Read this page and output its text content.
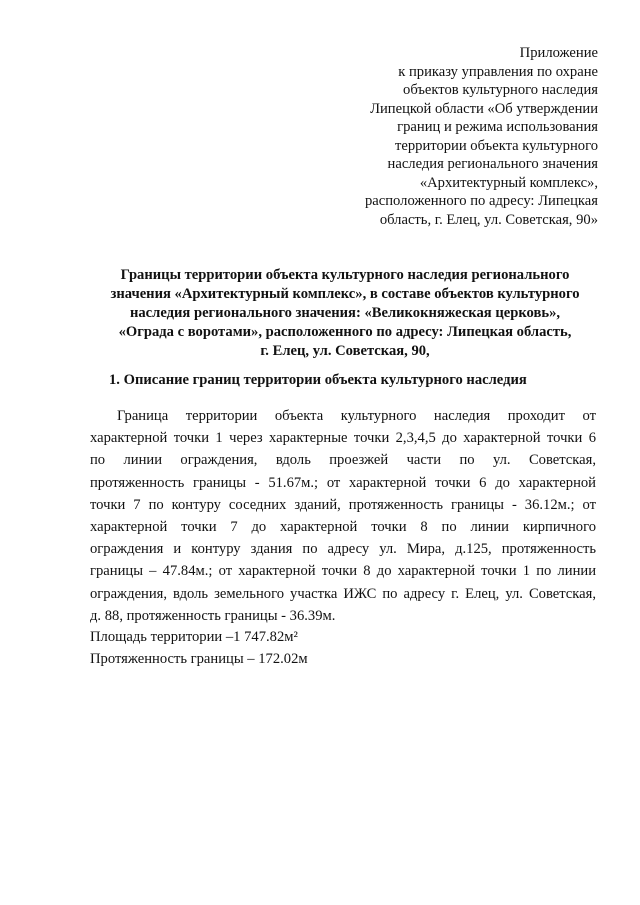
Приложение
к приказу управления по охране
объектов культурного наследия
Липецкой области «Об утверждении
границ и режима использования
территории объекта культурного
наследия регионального значения
«Архитектурный комплекс»,
расположенного по адресу: Липецкая
область, г. Елец, ул. Советская, 90»
Границы территории объекта культурного наследия регионального
значения «Архитектурный комплекс», в составе объектов культурного
наследия регионального значения: «Великокняжеская церковь»,
«Ограда с воротами», расположенного по адресу: Липецкая область,
г. Елец, ул. Советская, 90,
1. Описание границ территории объекта культурного наследия
Граница территории объекта культурного наследия проходит от
характерной точки 1 через характерные точки 2,3,4,5 до характерной точки 6
по линии ограждения, вдоль проезжей части по ул. Советская,
протяженность границы - 51.67м.; от характерной точки 6 до характерной
точки 7 по контуру соседних зданий, протяженность границы - 36.12м.; от
характерной точки 7 до характерной точки 8 по линии кирпичного
ограждения и контуру здания по адресу ул. Мира, д.125, протяженность
границы – 47.84м.; от характерной точки 8 до характерной точки 1 по линии
ограждения, вдоль земельного участка ИЖС по адресу г. Елец, ул. Советская,
д. 88, протяженность границы - 36.39м.
Площадь территории –1 747.82м²
Протяженность границы – 172.02м
